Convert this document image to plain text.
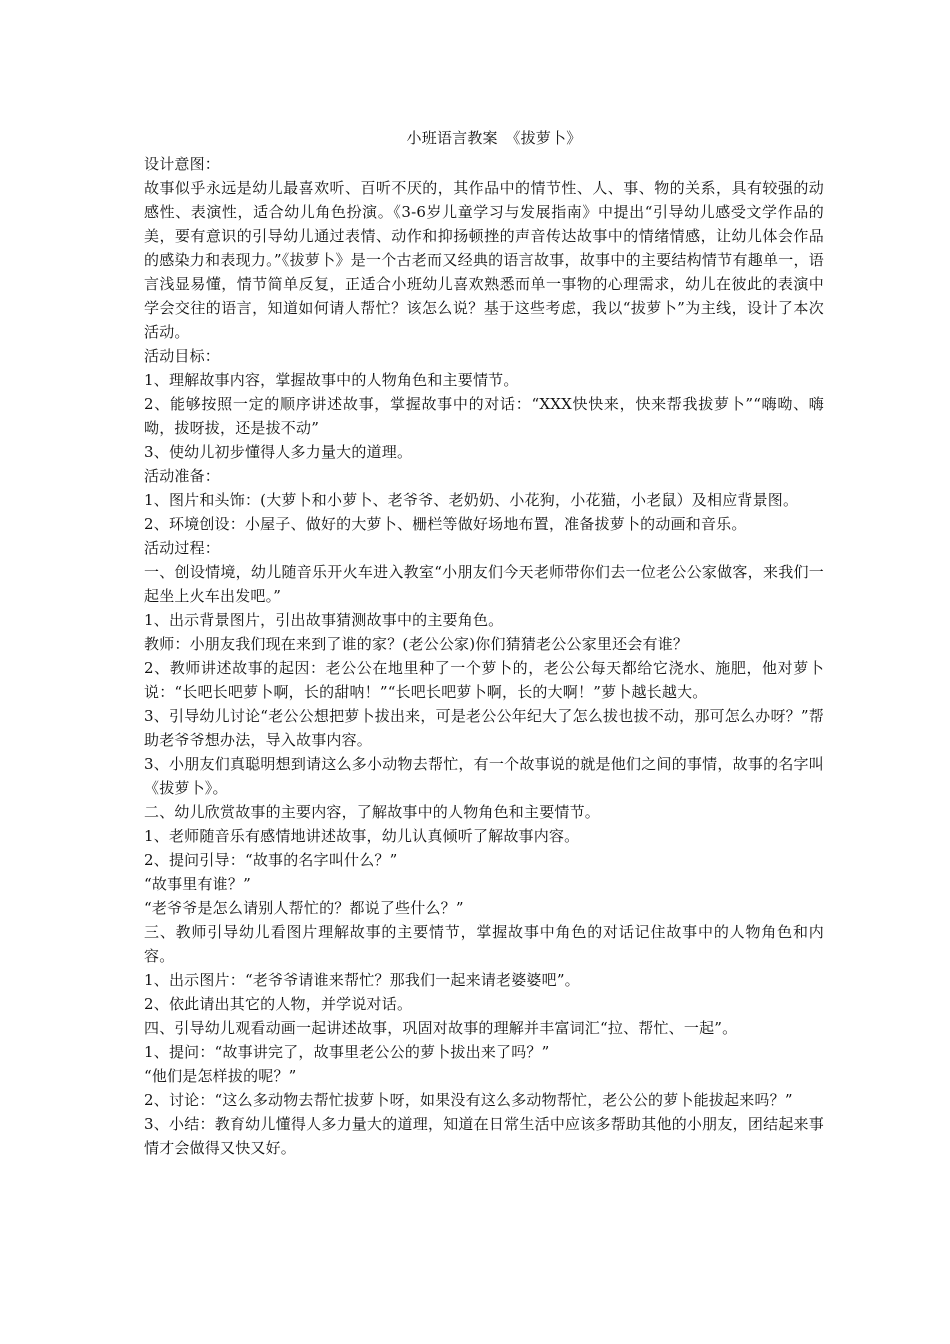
小班语言教案　《拔萝卜》

设计意图：

故事似乎永远是幼儿最喜欢听、百听不厌的，其作品中的情节性、人、事、物的关系，具有较强的动感性、表演性，适合幼儿角色扮演。《3-6岁儿童学习与发展指南》中提出“引导幼儿感受文学作品的美，要有意识的引导幼儿通过表情、动作和抑扬顿挫的声音传达故事中的情绪情感，让幼儿体会作品的感染力和表现力。”《拔萝卜》是一个古老而又经典的语言故事，故事中的主要结构情节有趣单一，语言浅显易懂，情节简单反复，正适合小班幼儿喜欢熟悉而单一事物的心理需求，幼儿在彼此的表演中学会交往的语言，知道如何请人帮忙？该怎么说？基于这些考虑，我以“拔萝卜”为主线，设计了本次活动。

活动目标：

1、理解故事内容，掌握故事中的人物角色和主要情节。

2、能够按照一定的顺序讲述故事，掌握故事中的对话：“XXX快快来，快来帮我拔萝卜”“嗨呦、嗨呦，拔呀拔，还是拔不动”

3、使幼儿初步懂得人多力量大的道理。

活动准备：

1、图片和头饰：(大萝卜和小萝卜、老爷爷、老奶奶、小花狗，小花猫，小老鼠）及相应背景图。

2、环境创设：小屋子、做好的大萝卜、栅栏等做好场地布置，准备拔萝卜的动画和音乐。

活动过程：

一、创设情境，幼儿随音乐开火车进入教室“小朋友们今天老师带你们去一位老公公家做客，来我们一起坐上火车出发吧。”

1、出示背景图片，引出故事猜测故事中的主要角色。

教师：小朋友我们现在来到了谁的家？(老公公家)你们猜猜老公公家里还会有谁？

2、教师讲述故事的起因：老公公在地里种了一个萝卜的，老公公每天都给它浇水、施肥，他对萝卜说：“长吧长吧萝卜啊，长的甜呐！”“长吧长吧萝卜啊，长的大啊！”萝卜越长越大。

3、引导幼儿讨论“老公公想把萝卜拔出来，可是老公公年纪大了怎么拔也拔不动，那可怎么办呀？”帮助老爷爷想办法，导入故事内容。

3、小朋友们真聪明想到请这么多小动物去帮忙，有一个故事说的就是他们之间的事情，故事的名字叫《拔萝卜》。

二、幼儿欣赏故事的主要内容，了解故事中的人物角色和主要情节。

1、老师随音乐有感情地讲述故事，幼儿认真倾听了解故事内容。

2、提问引导：“故事的名字叫什么？”

“故事里有谁？”

“老爷爷是怎么请别人帮忙的？都说了些什么？”

三、教师引导幼儿看图片理解故事的主要情节，掌握故事中角色的对话记住故事中的人物角色和内容。

1、出示图片：“老爷爷请谁来帮忙？那我们一起来请老婆婆吧”。

2、依此请出其它的人物，并学说对话。

四、引导幼儿观看动画一起讲述故事，巩固对故事的理解并丰富词汇“拉、帮忙、一起”。

1、提问：“故事讲完了，故事里老公公的萝卜拔出来了吗？”

“他们是怎样拔的呢？”

2、讨论：“这么多动物去帮忙拔萝卜呀，如果没有这么多动物帮忙，老公公的萝卜能拔起来吗？”

3、小结：教育幼儿懂得人多力量大的道理，知道在日常生活中应该多帮助其他的小朋友，团结起来事情才会做得又快又好。
